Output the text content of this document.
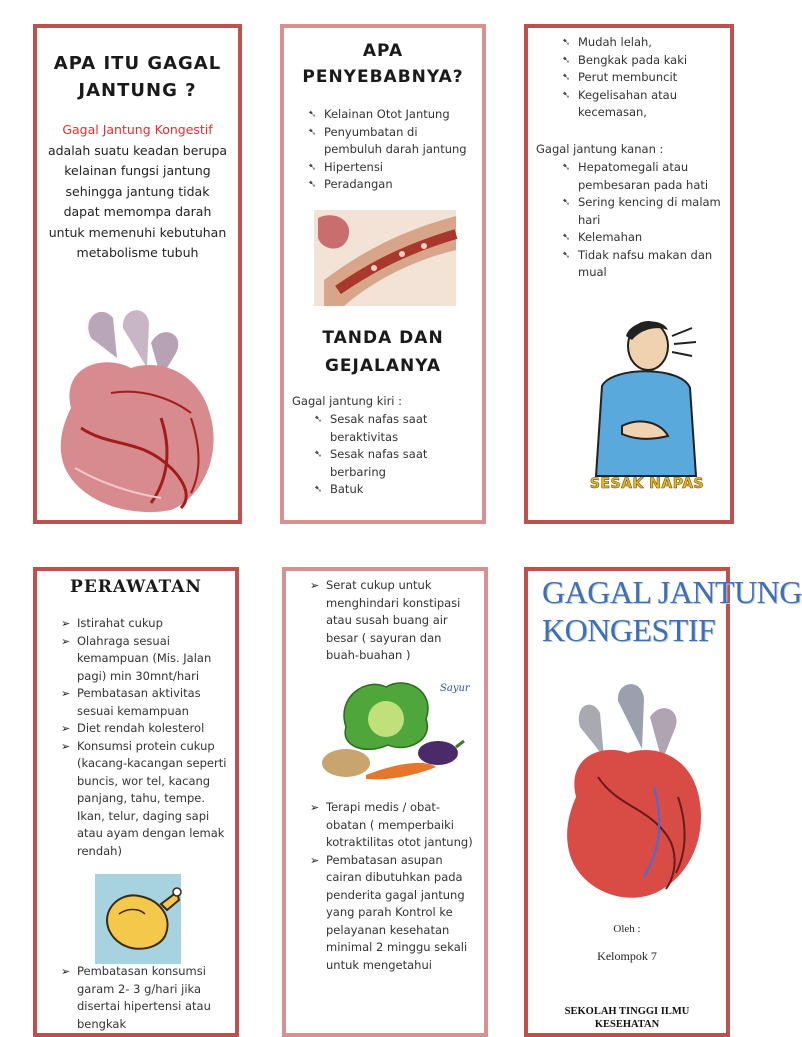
APA ITU GAGAL
JANTUNG ?
Gagal Jantung Kongestif
adalah suatu keadan berupa kelainan fungsi jantung sehingga jantung tidak dapat memompa darah untuk memenuhi kebutuhan metabolisme tubuh
APA
PENYEBABNYA?
➷ Kelainan Otot Jantung
➷ Penyumbatan di pembuluh darah jantung
➷ Hipertensi
➷ Peradangan
TANDA DAN
GEJALANYA
Gagal jantung kiri :
➷ Sesak nafas saat beraktivitas
➷ Sesak nafas saat berbaring
➷ Batuk
➷ Mudah lelah,
➷ Bengkak pada kaki
➷ Perut membuncit
➷ Kegelisahan atau kecemasan,
Gagal jantung kanan :
➷ Hepatomegali atau pembesaran pada hati
➷ Sering kencing di malam hari
➷ Kelemahan
➷ Tidak nafsu makan dan mual
SESAK NAPAS
PERAWATAN
➢ Istirahat cukup
➢ Olahraga sesuai kemampuan (Mis. Jalan pagi) min 30mnt/hari
➢ Pembatasan aktivitas sesuai kemampuan
➢ Diet rendah kolesterol
➢ Konsumsi protein cukup (kacang-kacangan seperti buncis, wor tel, kacang panjang, tahu, tempe. Ikan, telur, daging sapi atau ayam dengan lemak rendah)
➢ Pembatasan konsumsi garam 2- 3 g/hari jika disertai hipertensi atau bengkak
➢ Serat cukup untuk menghindari konstipasi atau susah buang air besar ( sayuran dan buah-buahan )
Sayur
➢ Terapi medis / obat-obatan ( memperbaiki kotraktilitas otot jantung)
➢ Pembatasan asupan cairan dibutuhkan pada penderita gagal jantung yang parah Kontrol ke pelayanan kesehatan minimal 2 minggu sekali untuk mengetahui
GAGAL JANTUNG
KONGESTIF
Oleh :
Kelompok 7
SEKOLAH TINGGI ILMU
KESEHATAN
